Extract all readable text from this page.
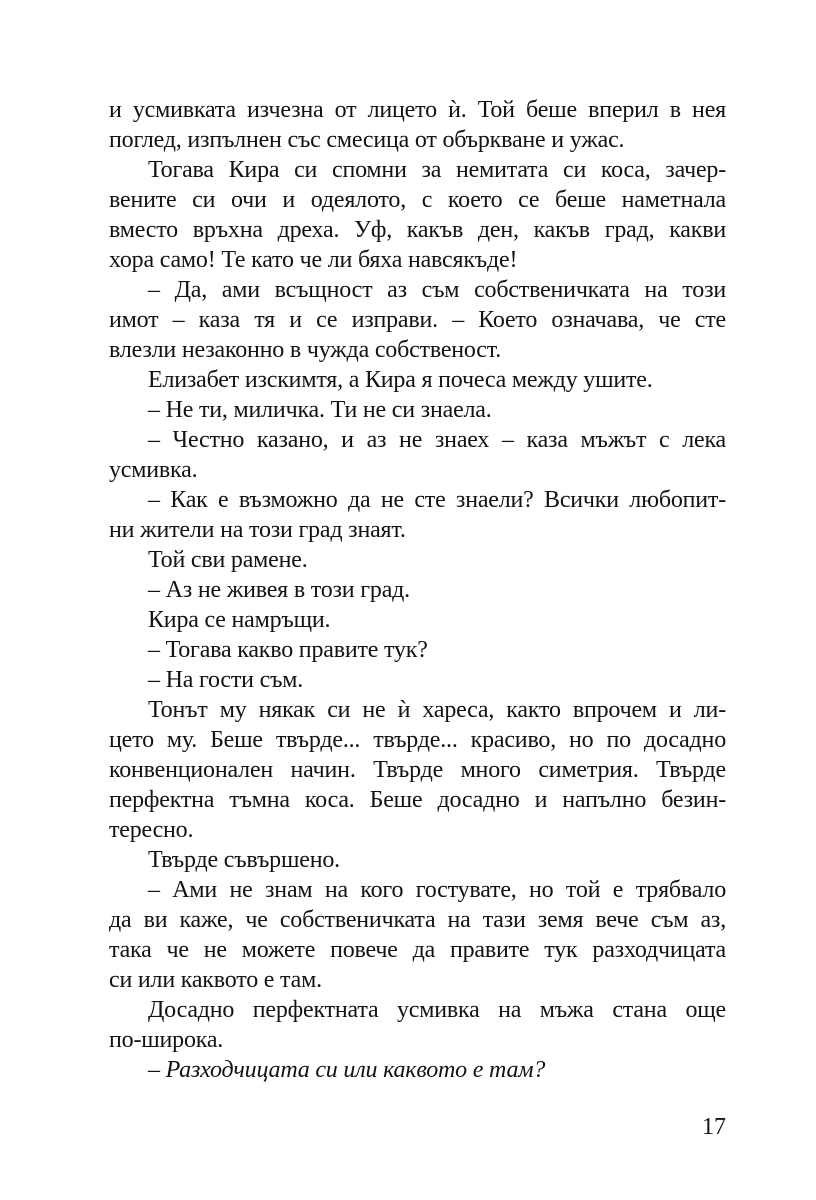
и усмивката изчезна от лицето ѝ. Той беше вперил в нея
поглед, изпълнен със смесица от объркване и ужас.
Тогава Кира си спомни за немитата си коса, зачер-
вените си очи и одеялото, с което се беше наметнала
вместо връхна дреха. Уф, какъв ден, какъв град, какви
хора само! Те като че ли бяха навсякъде!
– Да, ами всъщност аз съм собственичката на този
имот – каза тя и се изправи. – Което означава, че сте
влезли незаконно в чужда собственост.
Елизабет изскимтя, а Кира я почеса между ушите.
– Не ти, миличка. Ти не си знаела.
– Честно казано, и аз не знаех – каза мъжът с лека
усмивка.
– Как е възможно да не сте знаели? Всички любопит-
ни жители на този град знаят.
Той сви рамене.
– Аз не живея в този град.
Кира се намръщи.
– Тогава какво правите тук?
– На гости съм.
Тонът му някак си не ѝ хареса, както впрочем и ли-
цето му. Беше твърде... твърде... красиво, но по досадно
конвенционален начин. Твърде много симетрия. Твърде
перфектна тъмна коса. Беше досадно и напълно безин-
тересно.
Твърде съвършено.
– Ами не знам на кого гостувате, но той е трябвало
да ви каже, че собственичката на тази земя вече съм аз,
така че не можете повече да правите тук разходчицата
си или каквото е там.
Досадно перфектната усмивка на мъжа стана още
по-широка.
– Разходчицата си или каквото е там?
17
